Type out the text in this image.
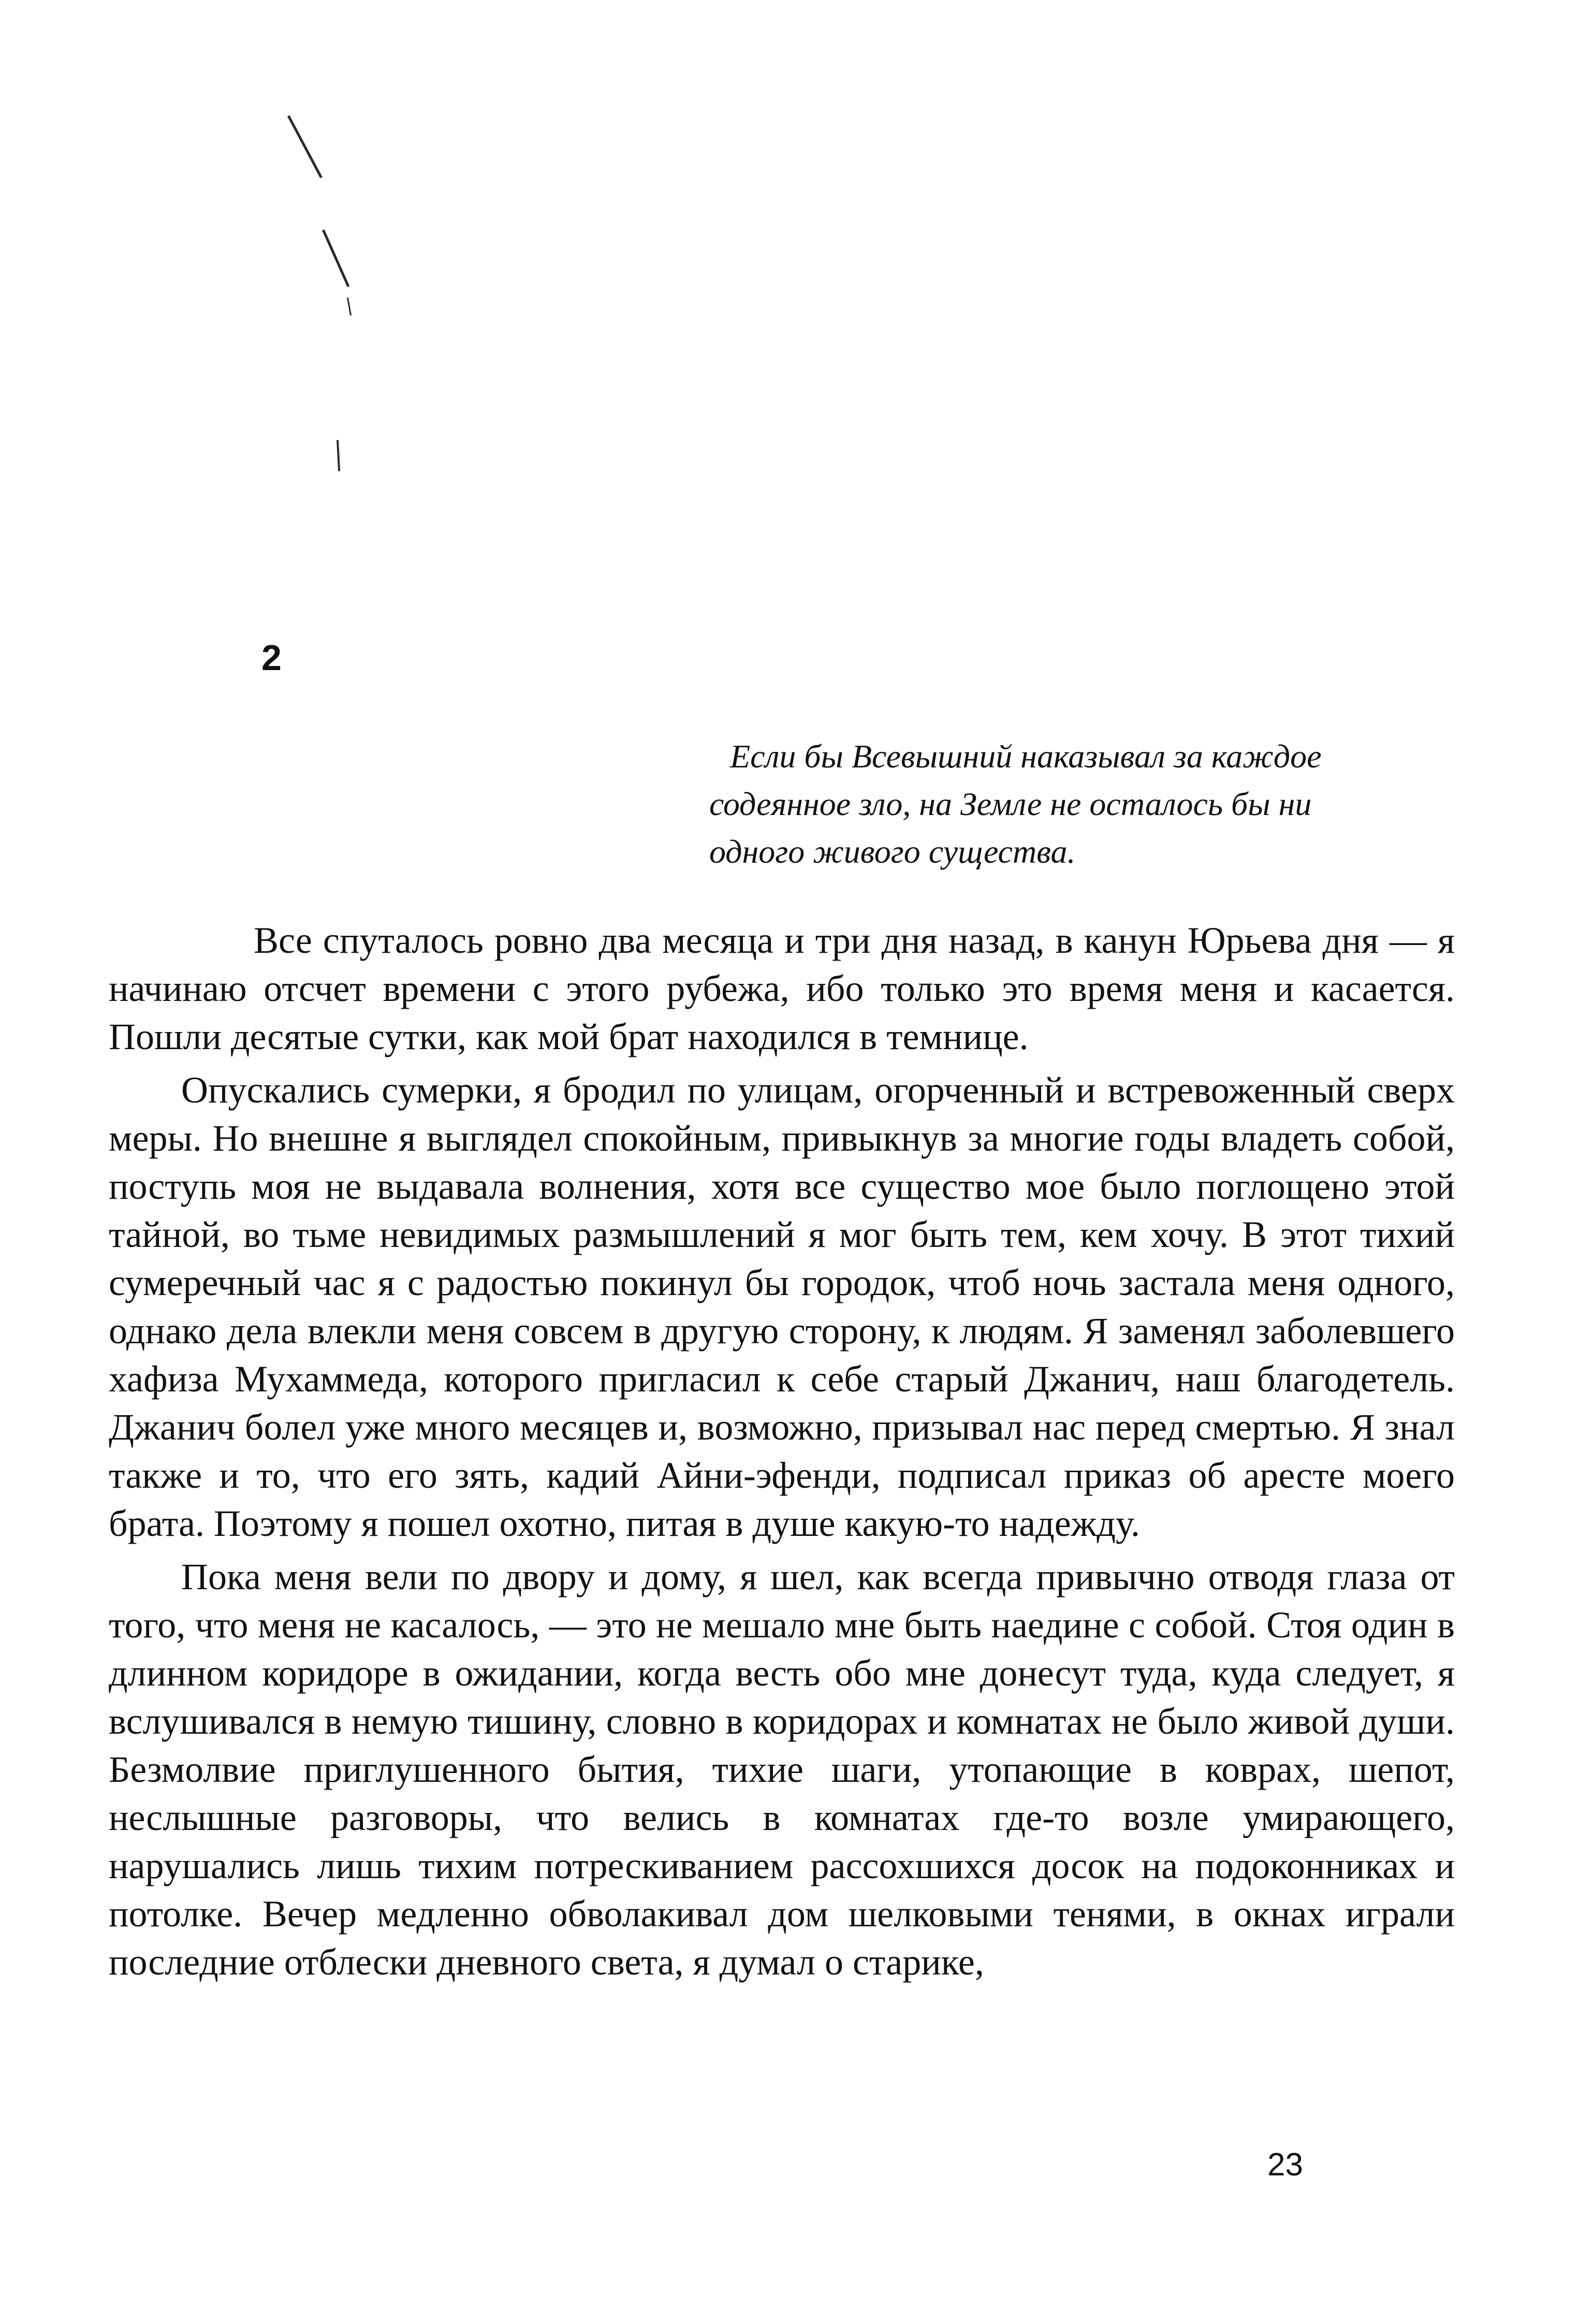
2
Если бы Всевышний наказывал за каждое
содеянное зло, на Земле не осталось бы ни
одного живого существа.

Все спуталось ровно два месяца и три дня назад, в канун Юрьева дня — я начинаю отсчет времени с этого рубежа, ибо только это время меня и касается. Пошли десятые сутки, как мой брат находился в темнице.

Опускались сумерки, я бродил по улицам, огорченный и встревоженный сверх меры. Но внешне я выглядел спокойным, привыкнув за многие годы владеть собой, поступь моя не выдавала волнения, хотя все существо мое было поглощено этой тайной, во тьме невидимых размышлений я мог быть тем, кем хочу. В этот тихий сумеречный час я с радостью покинул бы городок, чтоб ночь застала меня одного, однако дела влекли меня совсем в другую сторону, к людям. Я заменял заболевшего хафиза Мухаммеда, которого пригласил к себе старый Джанич, наш благодетель. Джанич болел уже много месяцев и, возможно, призывал нас перед смертью. Я знал также и то, что его зять, кадий Айни-эфенди, подписал приказ об аресте моего брата. Поэтому я пошел охотно, питая в душе какую-то надежду.

Пока меня вели по двору и дому, я шел, как всегда привычно отводя глаза от того, что меня не касалось, — это не мешало мне быть наедине с собой. Стоя один в длинном коридоре в ожидании, когда весть обо мне донесут туда, куда следует, я вслушивался в немую тишину, словно в коридорах и комнатах не было живой души. Безмолвие приглушенного бытия, тихие шаги, утопающие в коврах, шепот, неслышные разговоры, что велись в комнатах где-то возле умирающего, нарушались лишь тихим потрескиванием рассохшихся досок на подоконниках и потолке. Вечер медленно обволакивал дом шелковыми тенями, в окнах играли последние отблески дневного света, я думал о старике,

23
